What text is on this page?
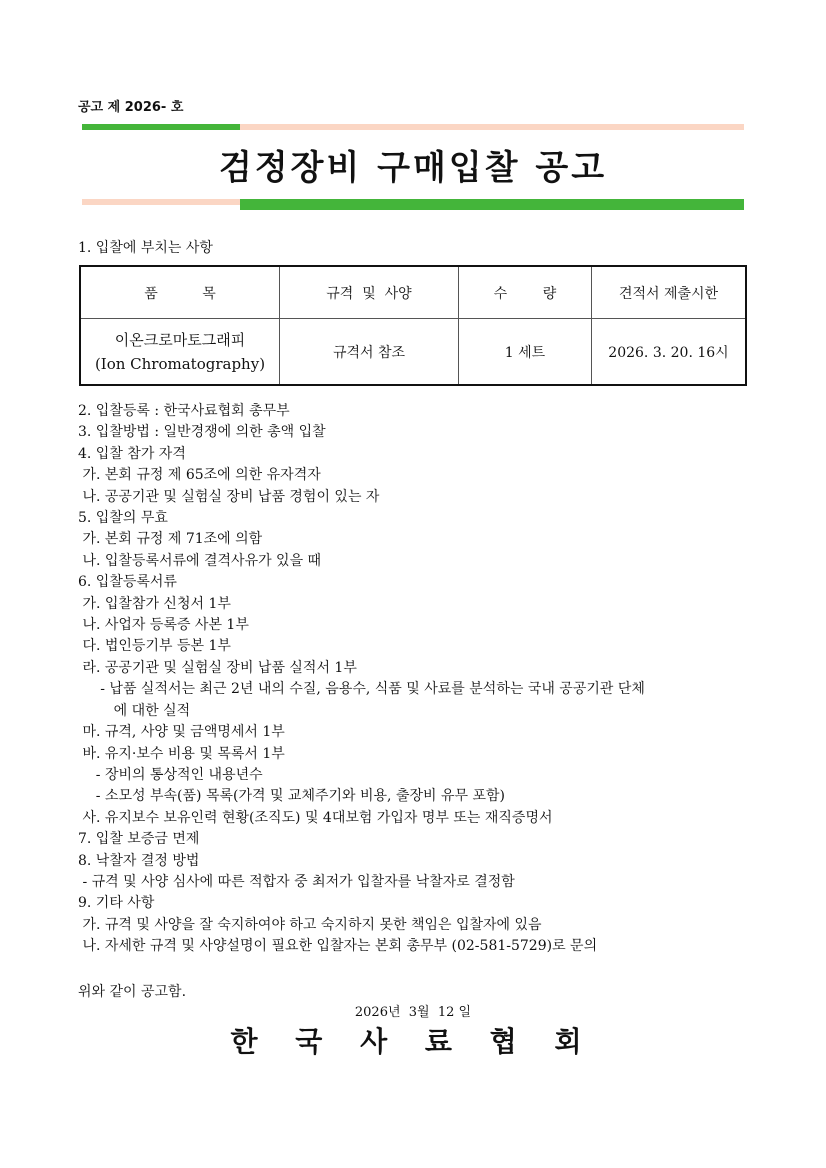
공고 제 2026- 호
검정장비 구매입찰 공고
1. 입찰에 부치는 사항
품          목	규격  및  사양	수        량	견적서 제출시한

이온크로마토그래피
(Ion Chromatography)	규격서 참조	1 세트	2026. 3. 20. 16시
2. 입찰등록 : 한국사료협회 총무부
3. 입찰방법 : 일반경쟁에 의한 총액 입찰
4. 입찰 참가 자격
가. 본회 규정 제 65조에 의한 유자격자
나. 공공기관 및 실험실 장비 납품 경험이 있는 자
5. 입찰의 무효
가. 본회 규정 제 71조에 의함
나. 입찰등록서류에 결격사유가 있을 때
6. 입찰등록서류
가. 입찰참가 신청서 1부
나. 사업자 등록증 사본 1부
다. 법인등기부 등본 1부
라. 공공기관 및 실험실 장비 납품 실적서 1부
- 납품 실적서는 최근 2년 내의 수질, 음용수, 식품 및 사료를 분석하는 국내 공공기관 단체
에 대한 실적
마. 규격, 사양 및 금액명세서 1부
바. 유지·보수 비용 및 목록서 1부
- 장비의 통상적인 내용년수
- 소모성 부속(품) 목록(가격 및 교체주기와 비용, 출장비 유무 포함)
사. 유지보수 보유인력 현황(조직도) 및 4대보험 가입자 명부 또는 재직증명서
7. 입찰 보증금 면제
8. 낙찰자 결정 방법
- 규격 및 사양 심사에 따른 적합자 중 최저가 입찰자를 낙찰자로 결정함
9. 기타 사항
가. 규격 및 사양을 잘 숙지하여야 하고 숙지하지 못한 책임은 입찰자에 있음
나. 자세한 규격 및 사양설명이 필요한 입찰자는 본회 총무부 (02-581-5729)로 문의
위와 같이 공고함.
2026년  3월  12 일
한 국 사 료 협 회
